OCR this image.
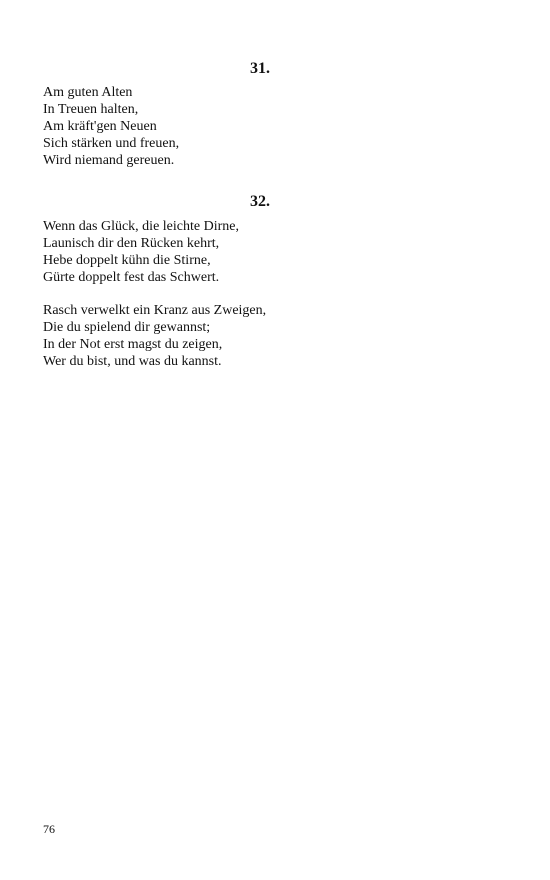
31.
Am guten Alten
In Treuen halten,
Am kräft'gen Neuen
Sich stärken und freuen,
Wird niemand gereuen.
32.
Wenn das Glück, die leichte Dirne,
Launisch dir den Rücken kehrt,
Hebe doppelt kühn die Stirne,
Gürte doppelt fest das Schwert.
Rasch verwelkt ein Kranz aus Zweigen,
Die du spielend dir gewannst;
In der Not erst magst du zeigen,
Wer du bist, und was du kannst.
76
